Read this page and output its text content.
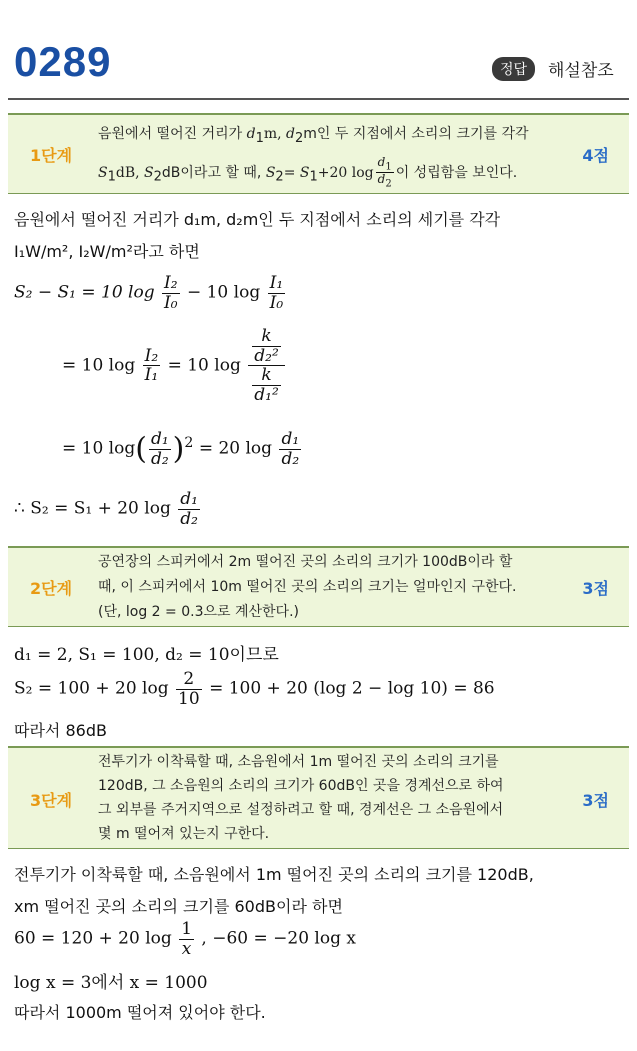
0289	정답	해설참조
1단계
음원에서 떨어진 거리가 $d_1m$, $d_2m$인 두 지점에서 소리의 크기를 각각
$S_1dB$, $S_2dB$이라고 할 때, $S_2= S_1+20$ $\log \frac{d_1}{d_2}$ 이 성립함을 보인다.
4점
음원에서 떨어진 거리가 d₁m, d₂m인 두 지점에서 소리의 세기를 각각
I₁W/m², I₂W/m²라고 하면
S₂ − S₁ = 10 $\log \frac{\text{I₂}}{\text{I₀}} - 10$ $\log \frac{\text{I₁}}{\text{I₀}}$
= 10 $\log \frac{\text{I₂}}{\text{I₁}} = 10$ $\log \frac{\frac{k}{\text{d₂²}}}{\frac{k}{\text{d₁²}}}$
= 10 $\log( \frac{\text{d₁}}{\text{d₂}} )^2 = 20$ $\log \frac{\text{d₁}}{\text{d₂}}$
∴ S₂ = S₁ + 20 $\log \frac{\text{d₁}}{\text{d₂}}$
2단계
공연장의 스피커에서 2m 떨어진 곳의 소리의 크기가 100dB이라 할
때, 이 스피커에서 10m 떨어진 곳의 소리의 크기는 얼마인지 구한다.
(단, log 2 = 0.3으로 계산한다.)
3점
d₁ = 2, S₁ = 100, d₂ = 10이므로
S₂ = 100 + 20 $\log \frac{2}{10} = 100 + 20$ (log 2 − log 10) = 86
따라서 86dB
3단계
전투기가 이착륙할 때, 소음원에서 1m 떨어진 곳의 소리의 크기를
120dB, 그 소음원의 소리의 크기가 60dB인 곳을 경계선으로 하여
그 외부를 주거지역으로 설정하려고 할 때, 경계선은 그 소음원에서
몇 m 떨어져 있는지 구한다.
3점
전투기가 이착륙할 때, 소음원에서 1m 떨어진 곳의 소리의 크기를 120dB,
xm 떨어진 곳의 소리의 크기를 60dB이라 하면
60 = 120 + 20 $\log \frac{1}{x}$ , −60 = −20 log x
log x = 3에서 x = 1000
따라서 1000m 떨어져 있어야 한다.
